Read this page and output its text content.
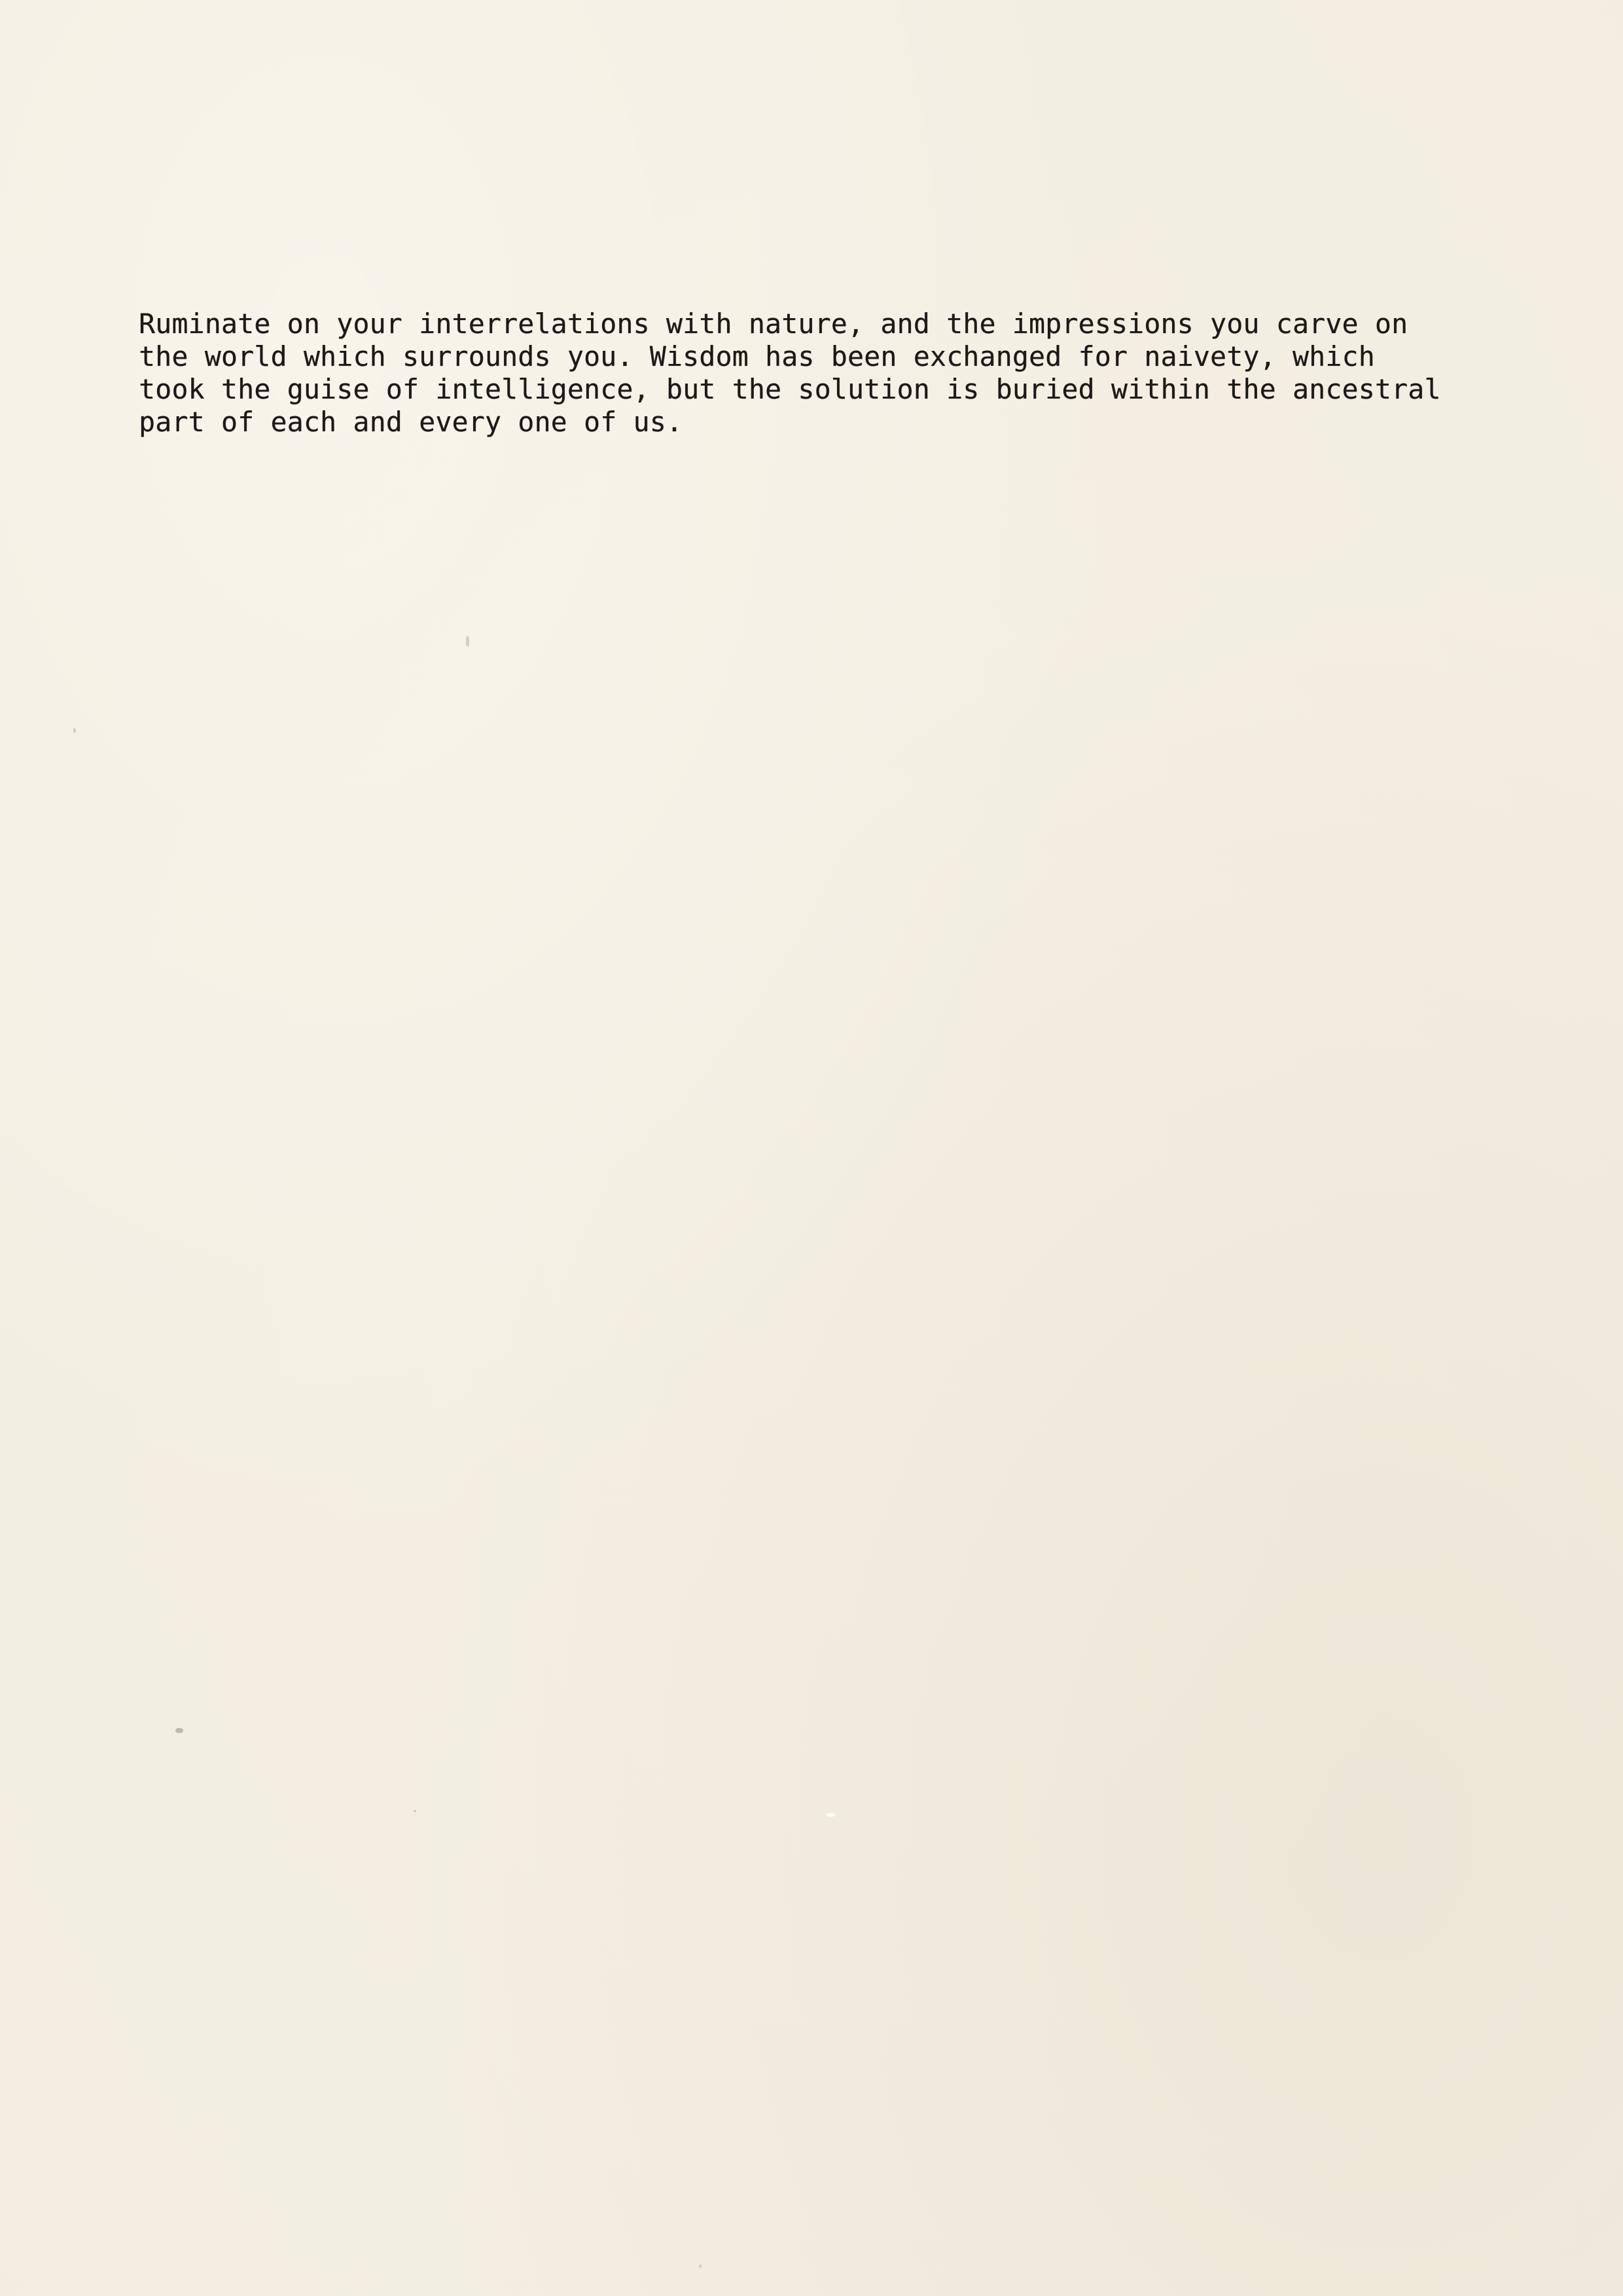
Ruminate on your interrelations with nature, and the impressions you carve on
the world which surrounds you. Wisdom has been exchanged for naivety, which
took the guise of intelligence, but the solution is buried within the ancestral
part of each and every one of us.
